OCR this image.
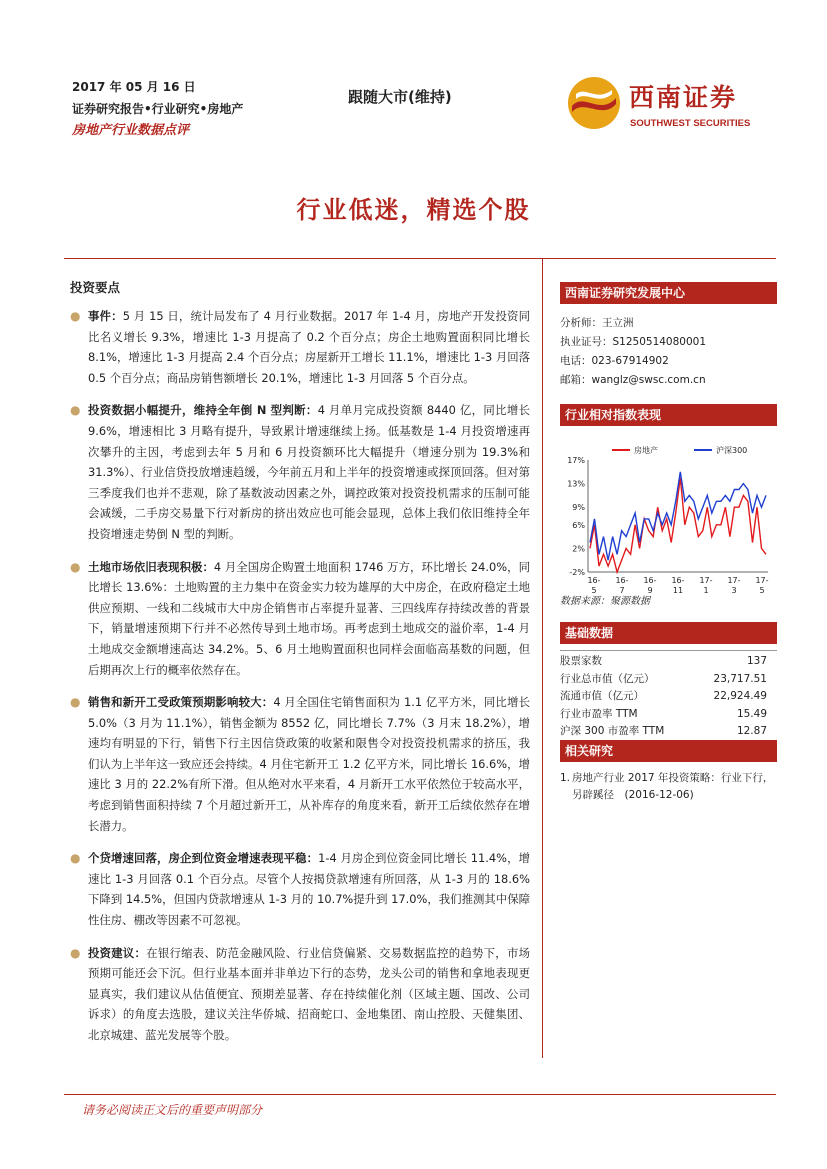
2017 年 05 月 16 日
证券研究报告•行业研究•房地产
房地产行业数据点评
跟随大市(维持)	西南证券
SOUTHWEST SECURITIES
行业低迷，精选个股
投资要点
● 事件：5 月 15 日，统计局发布了 4 月行业数据。2017 年 1-4 月，房地产开发投资同比名义增长 9.3%，增速比 1-3 月提高了 0.2 个百分点；房企土地购置面积同比增长 8.1%，增速比 1-3 月提高 2.4 个百分点；房屋新开工增长 11.1%，增速比 1-3 月回落 0.5 个百分点；商品房销售额增长 20.1%，增速比 1-3 月回落 5 个百分点。
● 投资数据小幅提升，维持全年倒 N 型判断：4 月单月完成投资额 8440 亿，同比增长 9.6%，增速相比 3 月略有提升，导致累计增速继续上扬。低基数是 1-4 月投资增速再次攀升的主因，考虑到去年 5 月和 6 月投资额环比大幅提升（增速分别为 19.3%和 31.3%）、行业信贷投放增速趋缓，今年前五月和上半年的投资增速或探顶回落。但对第三季度我们也并不悲观，除了基数波动因素之外，调控政策对投资投机需求的压制可能会减缓，二手房交易量下行对新房的挤出效应也可能会显现，总体上我们依旧维持全年投资增速走势倒 N 型的判断。
● 土地市场依旧表现积极：4 月全国房企购置土地面积 1746 万方，环比增长 24.0%，同比增长 13.6%：土地购置的主力集中在资金实力较为雄厚的大中房企，在政府稳定土地供应预期、一线和二线城市大中房企销售市占率提升显著、三四线库存持续改善的背景下，销量增速预期下行并不必然传导到土地市场。再考虑到土地成交的溢价率，1-4 月土地成交金额增速高达 34.2%。5、6 月土地购置面积也同样会面临高基数的问题，但后期再次上行的概率依然存在。
● 销售和新开工受政策预期影响较大：4 月全国住宅销售面积为 1.1 亿平方米，同比增长 5.0%（3 月为 11.1%），销售金额为 8552 亿，同比增长 7.7%（3 月末 18.2%），增速均有明显的下行，销售下行主因信贷政策的收紧和限售令对投资投机需求的挤压，我们认为上半年这一致应还会持续。4 月住宅新开工 1.2 亿平方米，同比增长 16.6%，增速比 3 月的 22.2%有所下滑。但从绝对水平来看，4 月新开工水平依然位于较高水平，考虑到销售面积持续 7 个月超过新开工，从补库存的角度来看，新开工后续依然存在增长潜力。
● 个贷增速回落，房企到位资金增速表现平稳：1-4 月房企到位资金同比增长 11.4%，增速比 1-3 月回落 0.1 个百分点。尽管个人按揭贷款增速有所回落，从 1-3 月的 18.6%下降到 14.5%，但国内贷款增速从 1-3 月的 10.7%提升到 17.0%，我们推测其中保障性住房、棚改等因素不可忽视。
● 投资建议：在银行缩表、防范金融风险、行业信贷偏紧、交易数据监控的趋势下，市场预期可能还会下沉。但行业基本面并非单边下行的态势，龙头公司的销售和拿地表现更显真实，我们建议从估值便宜、预期差显著、存在持续催化剂（区域主题、国改、公司诉求）的角度去选股，建议关注华侨城、招商蛇口、金地集团、南山控股、天健集团、北京城建、蓝光发展等个股。
西南证券研究发展中心
分析师： 王立洲
执业证号： S1250514080001
电话： 023-67914902
邮箱： wanglz@swsc.com.cn
行业相对指数表现
17%
13%
9%
6%
2%
-2%
16-
5
16-
7
16-
9
16-
11
17-
1
17-
3
17-
5
房地产	沪深300
数据来源：聚源数据
基础数据
股票家数	137
行业总市值（亿元）	23,717.51
流通市值（亿元）	22,924.49
行业市盈率 TTM	15.49
沪深 300 市盈率 TTM	12.87
相关研究
1. 房地产行业 2017 年投资策略：行业下行，另辟蹊径　(2016-12-06)
请务必阅读正文后的重要声明部分
